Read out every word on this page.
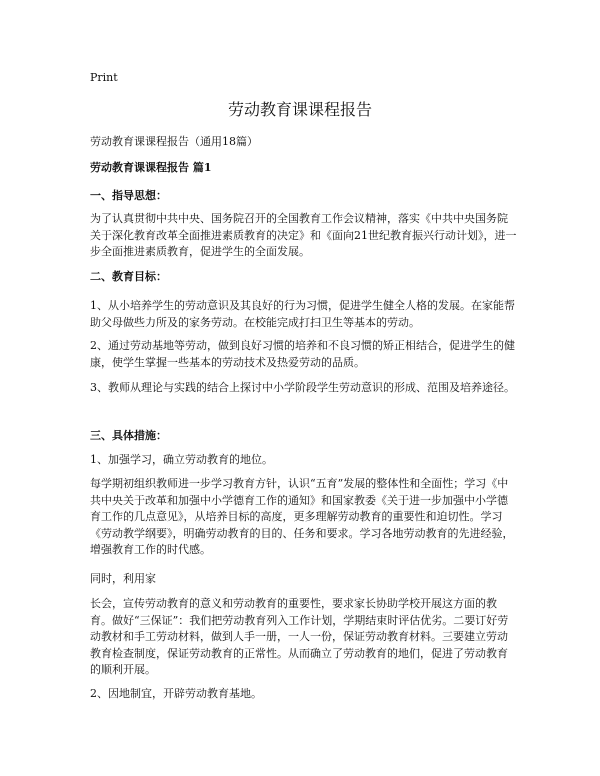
Print
劳动教育课课程报告

劳动教育课课程报告（通用18篇）

劳动教育课课程报告 篇1

一、指导思想：

为了认真贯彻中共中央、国务院召开的全国教育工作会议精神，落实《中共中央国务院关于深化教育改革全面推进素质教育的决定》和《面向21世纪教育振兴行动计划》，进一步全面推进素质教育，促进学生的全面发展。

二、教育目标：

1、从小培养学生的劳动意识及其良好的行为习惯，促进学生健全人格的发展。在家能帮助父母做些力所及的家务劳动。在校能完成打扫卫生等基本的劳动。

2、通过劳动基地等劳动，做到良好习惯的培养和不良习惯的矫正相结合，促进学生的健康，使学生掌握一些基本的劳动技术及热爱劳动的品质。

3、教师从理论与实践的结合上探讨中小学阶段学生劳动意识的形成、范围及培养途径。

三、具体措施：

1、加强学习，确立劳动教育的地位。

每学期初组织教师进一步学习教育方针，认识“五育”发展的整体性和全面性；学习《中共中央关于改革和加强中小学德育工作的通知》和国家教委《关于进一步加强中小学德育工作的几点意见》，从培养目标的高度，更多理解劳动教育的重要性和迫切性。学习《劳动教学纲要》，明确劳动教育的目的、任务和要求。学习各地劳动教育的先进经验，增强教育工作的时代感。

同时，利用家

长会，宣传劳动教育的意义和劳动教育的重要性，要求家长协助学校开展这方面的教育。做好“三保证”：我们把劳动教育列入工作计划，学期结束时评估优劣。二要订好劳动教材和手工劳动材料，做到人手一册，一人一份，保证劳动教育材料。三要建立劳动教育检查制度，保证劳动教育的正常性。从而确立了劳动教育的地们，促进了劳动教育的顺利开展。

2、因地制宜，开辟劳动教育基地。
